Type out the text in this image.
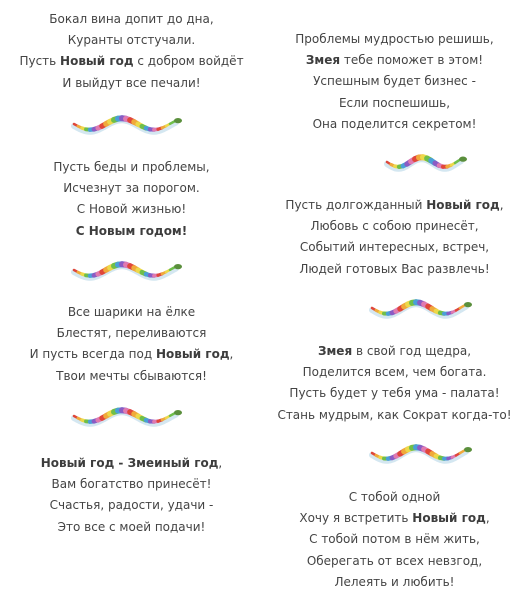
Бокал вина допит до дна,
Куранты отстучали.
Пусть Новый год с добром войдёт
И выйдут все печали!
Пусть беды и проблемы,
Исчезнут за порогом.
С Новой жизнью!
С Новым годом!
Все шарики на ёлке
Блестят, переливаются
И пусть всегда под Новый год,
Твои мечты сбываются!
Новый год - Змеиный год,
Вам богатство принесёт!
Счастья, радости, удачи -
Это все с моей подачи!
Проблемы мудростью решишь,
Змея тебе поможет в этом!
Успешным будет бизнес -
Если поспешишь,
Она поделится секретом!
Пусть долгожданный Новый год,
Любовь с собою принесёт,
Событий интересных, встреч,
Людей готовых Вас развлечь!
Змея в свой год щедра,
Поделится всем, чем богата.
Пусть будет у тебя ума - палата!
Стань мудрым, как Сократ когда-то!
С тобой одной
Хочу я встретить Новый год,
С тобой потом в нём жить,
Оберегать от всех невзгод,
Лелеять и любить!
